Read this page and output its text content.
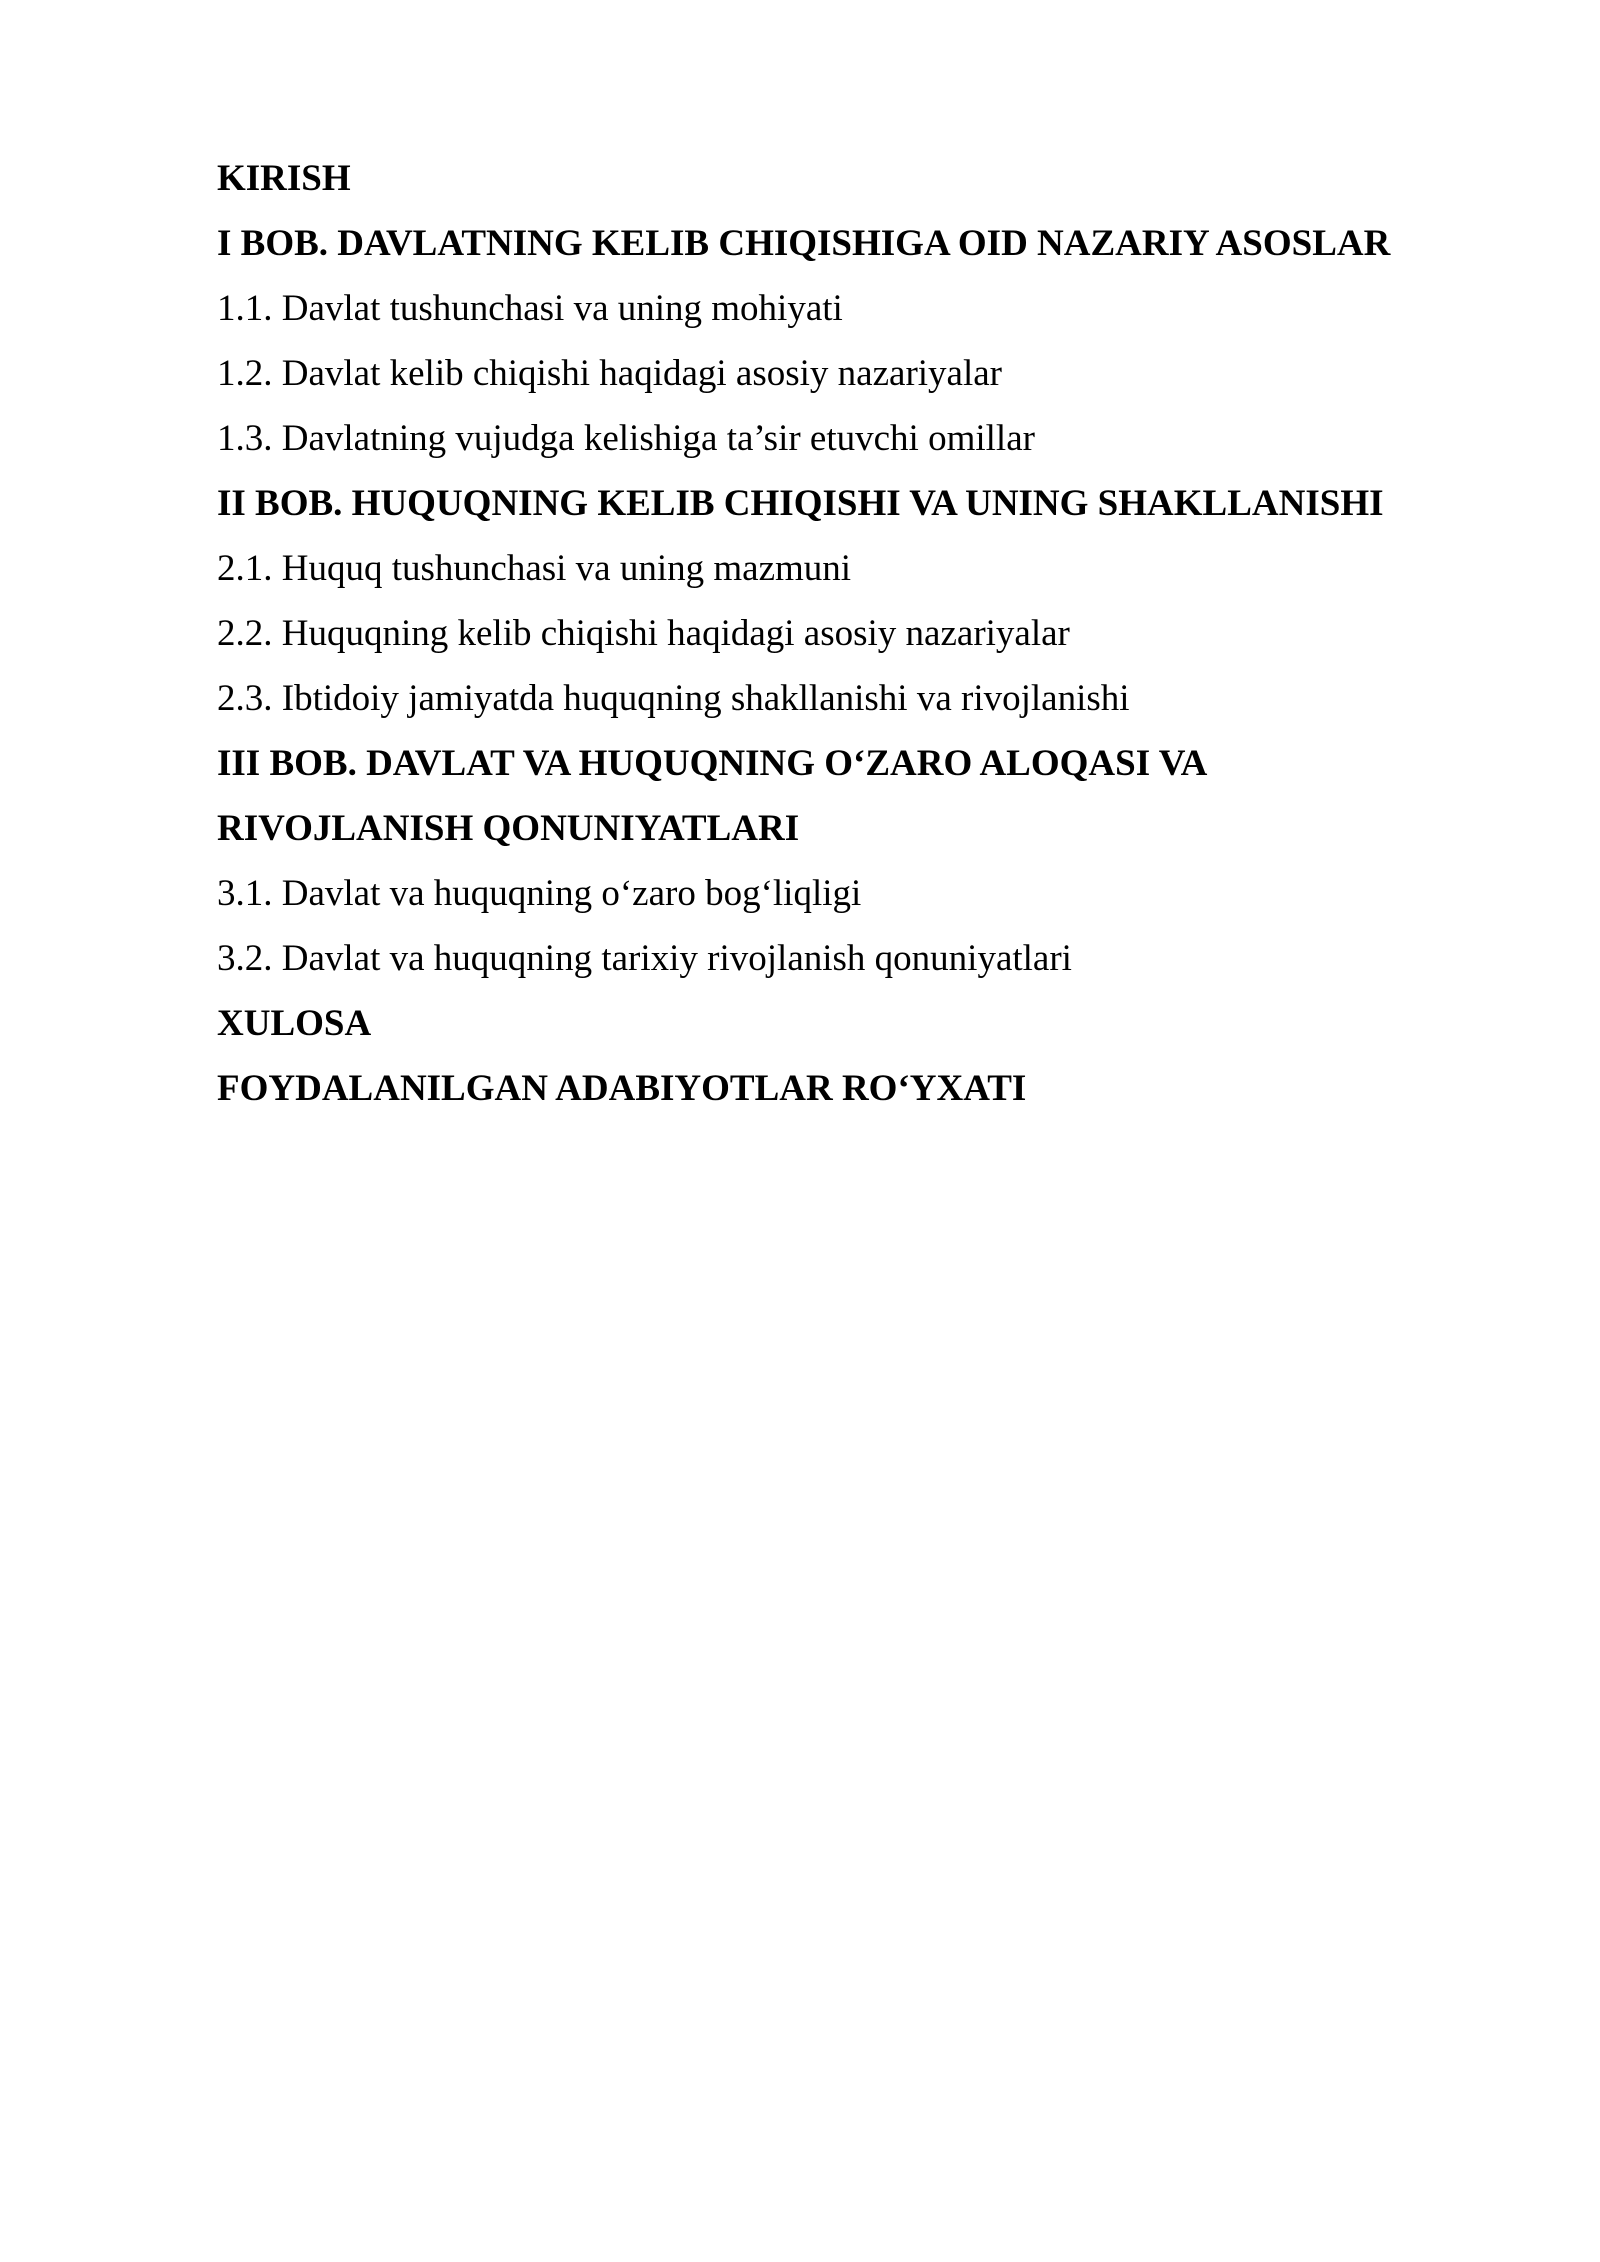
KIRISH
I BOB. DAVLATNING KELIB CHIQISHIGA OID NAZARIY ASOSLAR
1.1. Davlat tushunchasi va uning mohiyati
1.2. Davlat kelib chiqishi haqidagi asosiy nazariyalar
1.3. Davlatning vujudga kelishiga ta’sir etuvchi omillar
II BOB. HUQUQNING KELIB CHIQISHI VA UNING SHAKLLANISHI
2.1. Huquq tushunchasi va uning mazmuni
2.2. Huquqning kelib chiqishi haqidagi asosiy nazariyalar
2.3. Ibtidoiy jamiyatda huquqning shakllanishi va rivojlanishi
III BOB. DAVLAT VA HUQUQNING O‘ZARO ALOQASI VA
RIVOJLANISH QONUNIYATLARI
3.1. Davlat va huquqning o‘zaro bog‘liqligi
3.2. Davlat va huquqning tarixiy rivojlanish qonuniyatlari
XULOSA
FOYDALANILGAN ADABIYOTLAR RO‘YXATI
